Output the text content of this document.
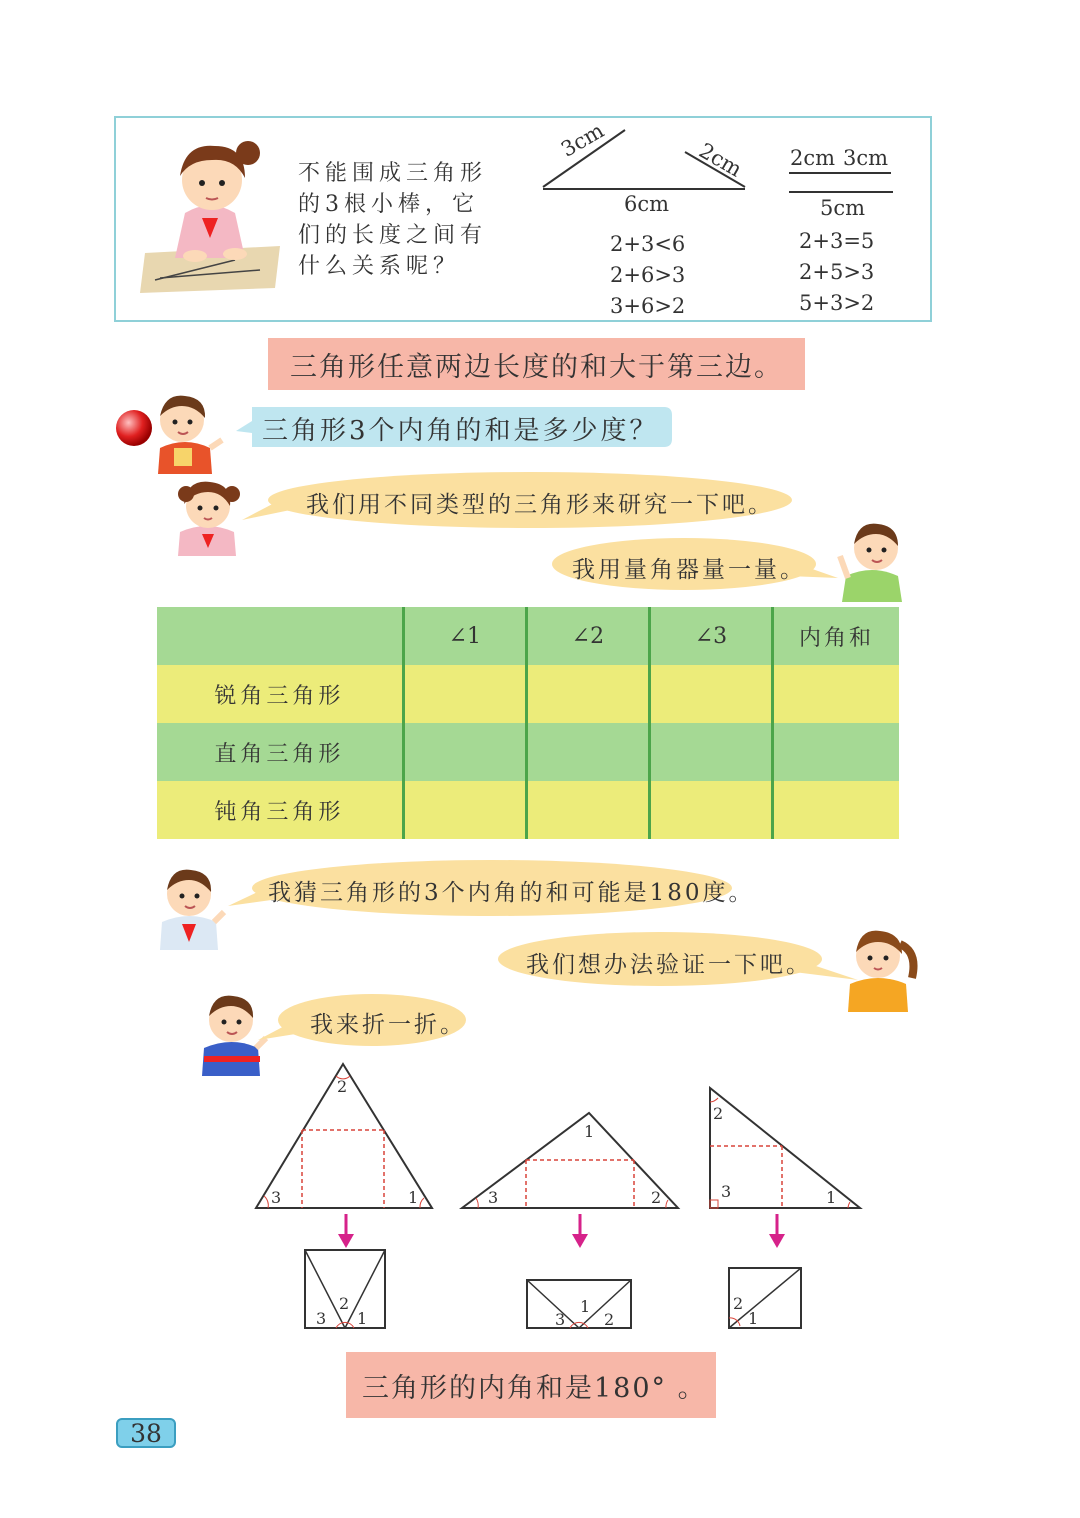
不能围成三角形
的3根小棒，它
们的长度之间有
什么关系呢？
3cm	2cm
6cm
2+3<6
2+6>3
3+6>2
2cm 3cm
5cm
2+3=5
2+5>3
5+3>2
三角形任意两边长度的和大于第三边。
三角形3个内角的和是多少度？
我们用不同类型的三角形来研究一下吧。
我用量角器量一量。
	∠1	∠2	∠3	内角和
锐角三角形				
直角三角形				
钝角三角形				
我猜三角形的3个内角的和可能是180度。
我们想办法验证一下吧。
我来折一折。
2
3	1
1
3	2
2
3	1
3
2
1	3
1
2
2
1
三角形的内角和是180° 。
38
